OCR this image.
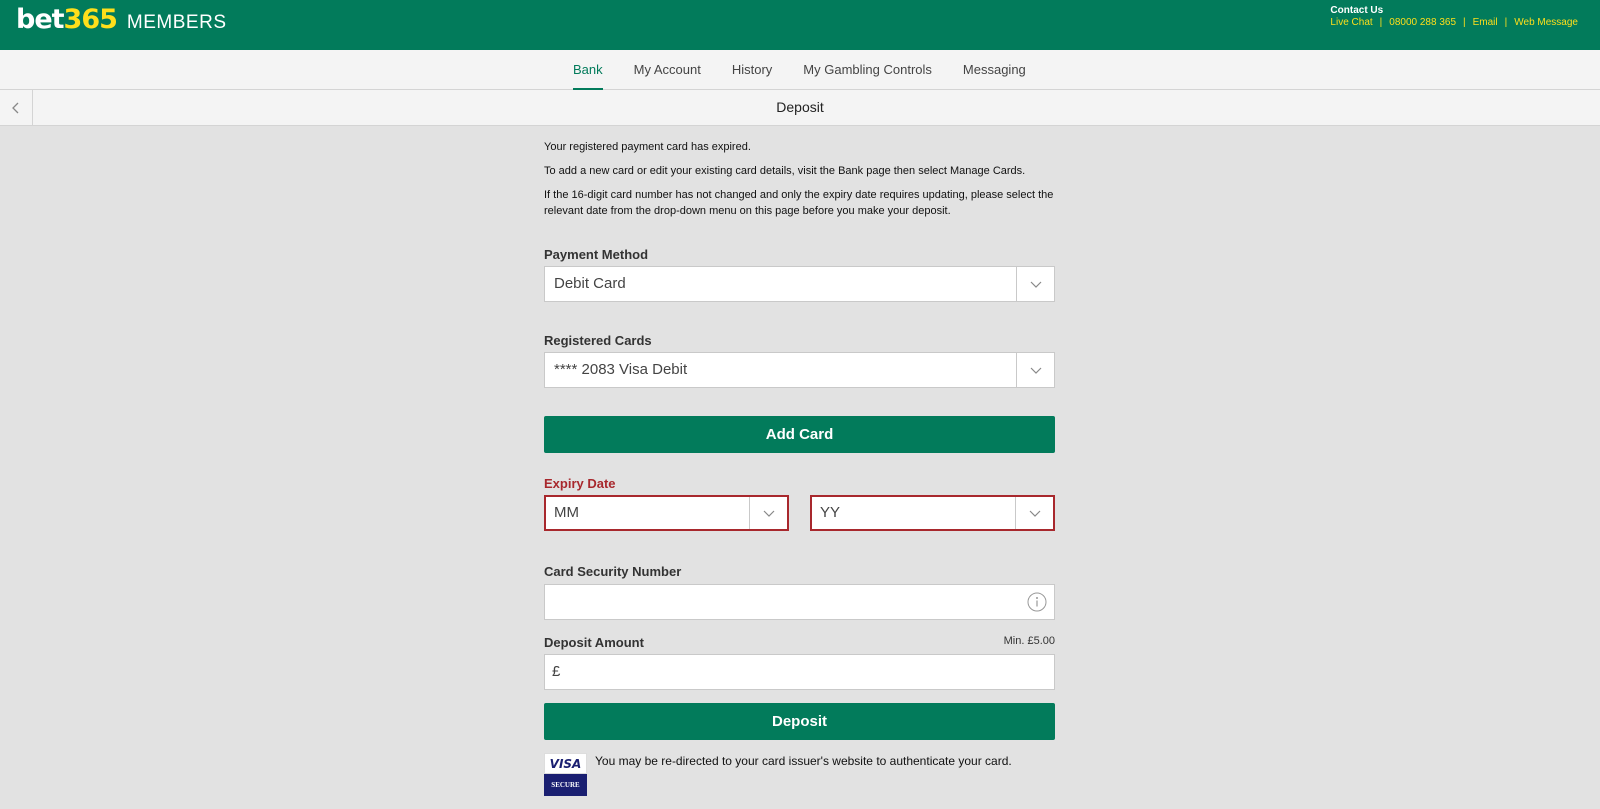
bet 365 MEMBERS
Contact Us
Live Chat | 08000 288 365 | Email | Web Message
Bank My Account History My Gambling Controls Messaging
Deposit
Your registered payment card has expired.
To add a new card or edit your existing card details, visit the Bank page then select Manage Cards.
If the 16-digit card number has not changed and only the expiry date requires updating, please select the relevant date from the drop-down menu on this page before you make your deposit.
Payment Method
Debit Card
Registered Cards
**** 2083 Visa Debit
Add Card
Expiry Date
MM	YY
Card Security Number
Deposit Amount	Min. £5.00
£
Deposit
VISA
SECURE
You may be re-directed to your card issuer's website to authenticate your card.
